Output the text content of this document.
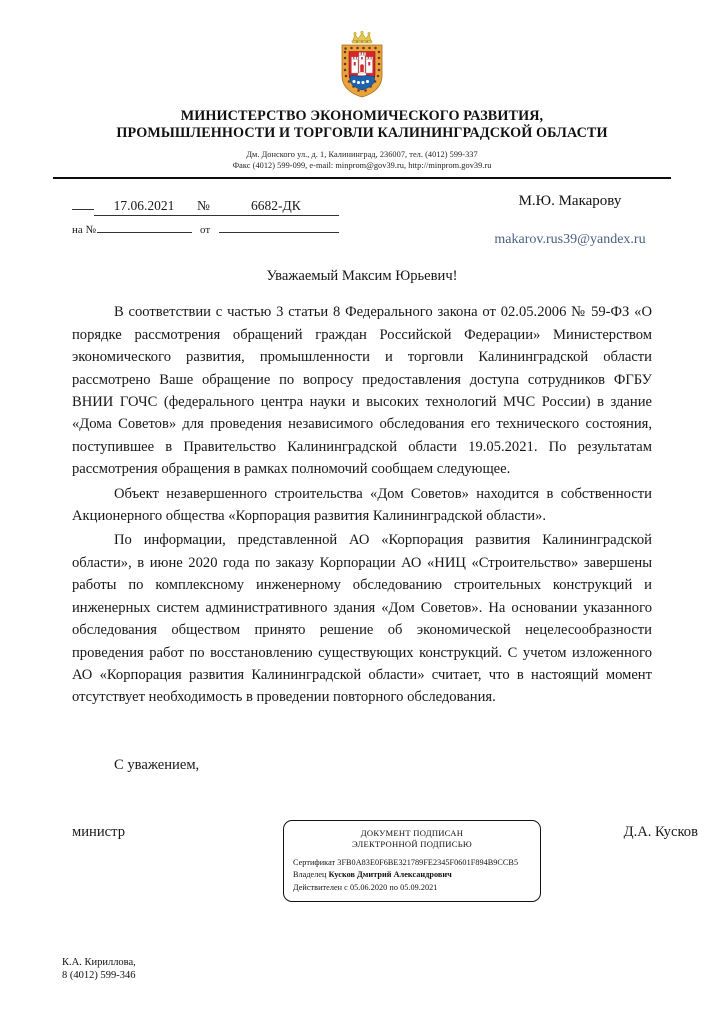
МИНИСТЕРСТВО ЭКОНОМИЧЕСКОГО РАЗВИТИЯ,
ПРОМЫШЛЕННОСТИ И ТОРГОВЛИ КАЛИНИНГРАДСКОЙ ОБЛАСТИ
Дм. Донского ул., д. 1, Калининград, 236007, тел. (4012) 599-337
Факс (4012) 599-099, e-mail: minprom@gov39.ru, http://minprom.gov39.ru
17.06.2021	№	6682-ДК
на №	от
М.Ю. Макарову
makarov.rus39@yandex.ru
Уважаемый Максим Юрьевич!

В соответствии с частью 3 статьи 8 Федерального закона от 02.05.2006 № 59-ФЗ «О порядке рассмотрения обращений граждан Российской Федерации» Министерством экономического развития, промышленности и торговли Калининградской области рассмотрено Ваше обращение по вопросу предоставления доступа сотрудников ФГБУ ВНИИ ГОЧС (федерального центра науки и высоких технологий МЧС России) в здание «Дома Советов» для проведения независимого обследования его технического состояния, поступившее в Правительство Калининградской области 19.05.2021. По результатам рассмотрения обращения в рамках полномочий сообщаем следующее.

Объект незавершенного строительства «Дом Советов» находится в собственности Акционерного общества «Корпорация развития Калининградской области».

По информации, представленной АО «Корпорация развития Калининградской области», в июне 2020 года по заказу Корпорации АО «НИЦ «Строительство» завершены работы по комплексному инженерному обследованию строительных конструкций и инженерных систем административного здания «Дом Советов». На основании указанного обследования обществом принято решение об экономической нецелесообразности проведения работ по восстановлению существующих конструкций. С учетом изложенного АО «Корпорация развития Калининградской области» считает, что в настоящий момент отсутствует необходимость в проведении повторного обследования.

С уважением,
министр	ДОКУМЕНТ ПОДПИСАН
ЭЛЕКТРОННОЙ ПОДПИСЬЮ
Сертификат 3FB0A83E0F6BE321789FE2345F0601F894B9CCB5
Владелец Кусков Дмитрий Александрович
Действителен с 05.06.2020 по 05.09.2021
Д.А. Кусков
К.А. Кириллова,
8 (4012) 599-346
